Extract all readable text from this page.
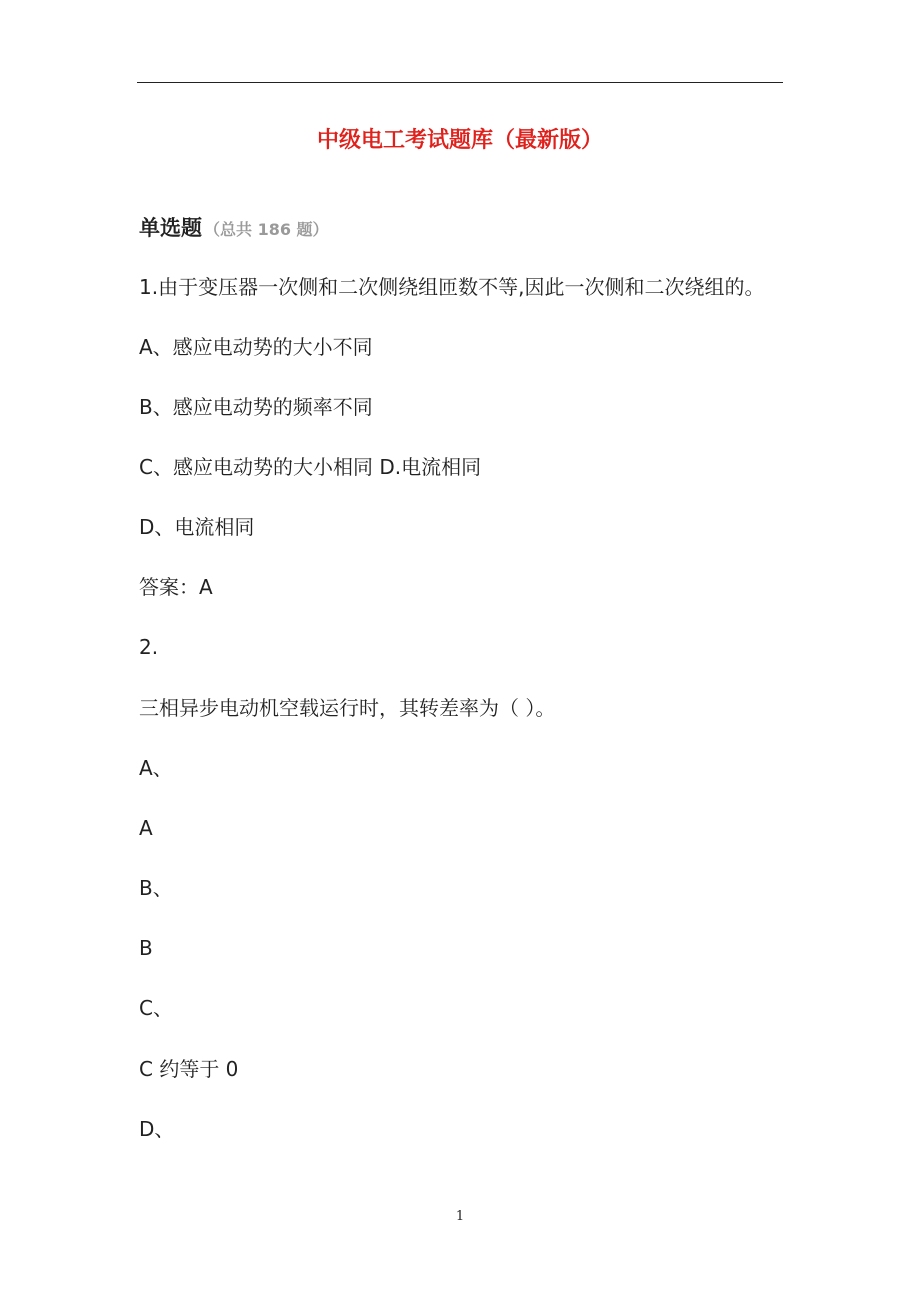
中级电工考试题库（最新版）
单选题 （总共 186 题）
1.由于变压器一次侧和二次侧绕组匝数不等,因此一次侧和二次绕组的。
A、感应电动势的大小不同
B、感应电动势的频率不同
C、感应电动势的大小相同 D.电流相同
D、电流相同
答案：A
2.
三相异步电动机空载运行时，其转差率为（ ）。
A、
A
B、
B
C、
C 约等于 0
D、
1
